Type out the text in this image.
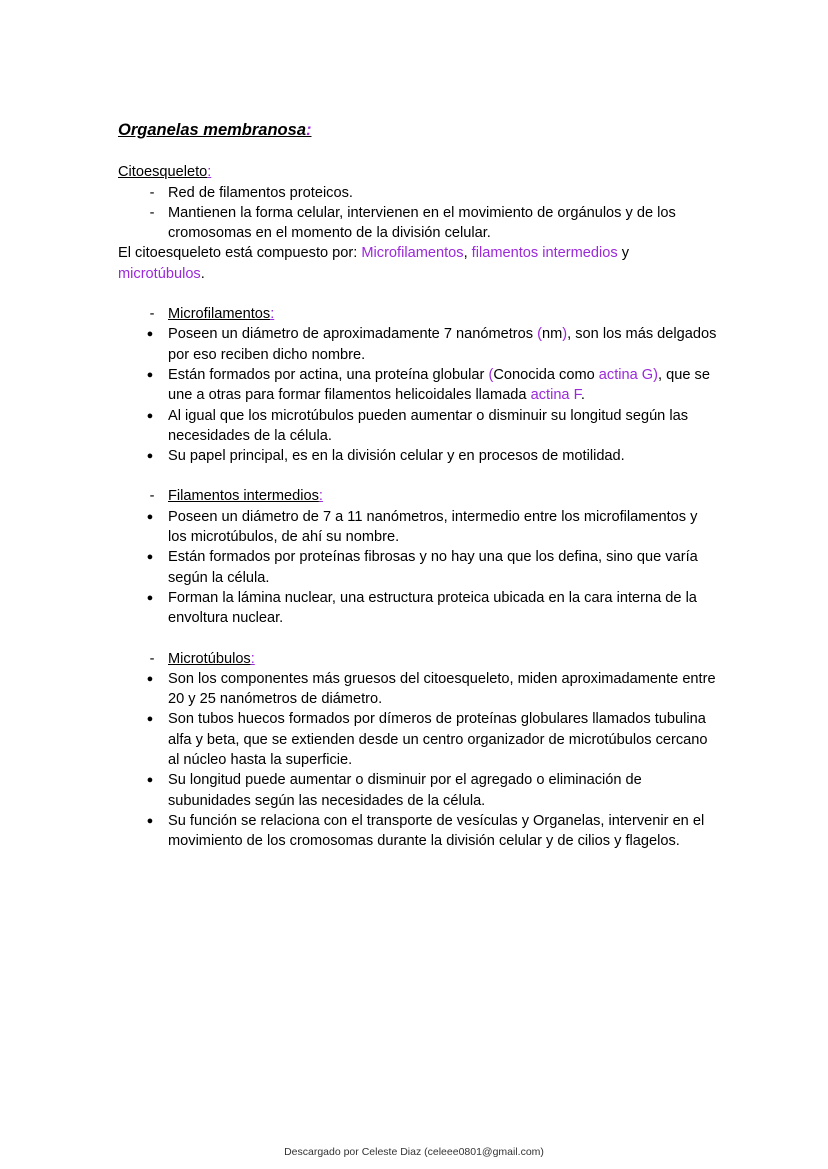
Organelas membranosa:

Citoesqueleto:

- Red de filamentos proteicos.
- Mantienen la forma celular, intervienen en el movimiento de orgánulos y de los cromosomas en el momento de la división celular.

El citoesqueleto está compuesto por: Microfilamentos, filamentos intermedios y microtúbulos.

- Microfilamentos:
●	Poseen un diámetro de aproximadamente 7 nanómetros (nm), son los más delgados por eso reciben dicho nombre.
●	Están formados por actina, una proteína globular (Conocida como actina G), que se une a otras para formar filamentos helicoidales llamada actina F.
●	Al igual que los microtúbulos pueden aumentar o disminuir su longitud según las necesidades de la célula.
●	Su papel principal, es en la división celular y en procesos de motilidad.
- Filamentos intermedios:
●	Poseen un diámetro de 7 a 11 nanómetros, intermedio entre los microfilamentos y los microtúbulos, de ahí su nombre.
●	Están formados por proteínas fibrosas y no hay una que los defina, sino que varía según la célula.
●	Forman la lámina nuclear, una estructura proteica ubicada en la cara interna de la envoltura nuclear.
- Microtúbulos:
●	Son los componentes más gruesos del citoesqueleto, miden aproximadamente entre 20 y 25 nanómetros de diámetro.
●	Son tubos huecos formados por dímeros de proteínas globulares llamados tubulina alfa y beta, que se extienden desde un centro organizador de microtúbulos cercano al núcleo hasta la superficie.
●	Su longitud puede aumentar o disminuir por el agregado o eliminación de subunidades según las necesidades de la célula.
●	Su función se relaciona con el transporte de vesículas y Organelas, intervenir en el movimiento de los cromosomas durante la división celular y de cilios y flagelos.
Descargado por Celeste Diaz (celeee0801@gmail.com)
